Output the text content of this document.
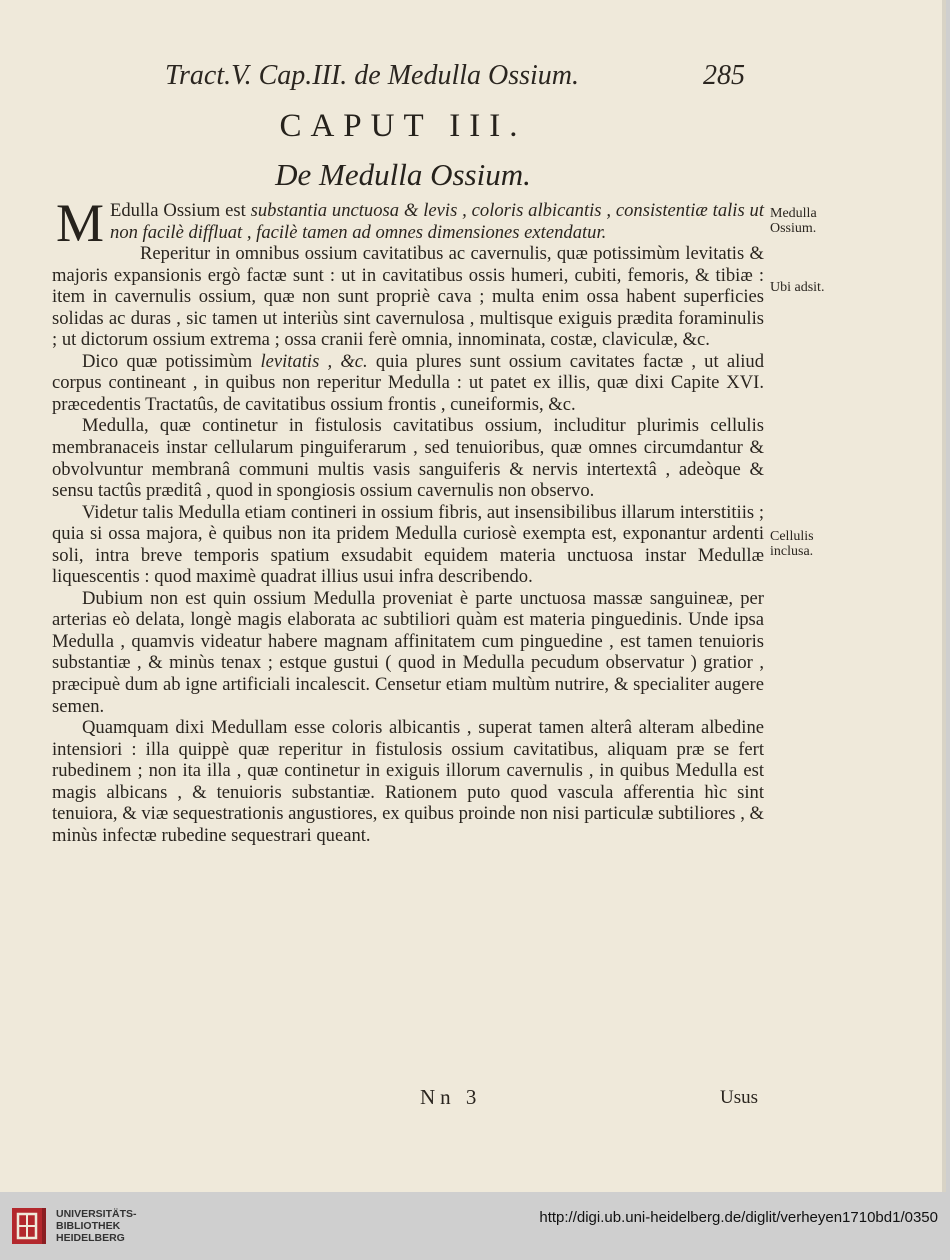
Tract.V. Cap.III. de Medulla Ossium.	285
CAPUT III.
De Medulla Ossium.

M Edulla Ossium est substantia unctuosa & levis , coloris albicantis , consistentiæ talis ut non facilè diffluat , facilè tamen ad omnes dimensiones extendatur.

Reperitur in omnibus ossium cavitatibus ac cavernulis, quæ potissimùm levitatis & majoris expansionis ergò factæ sunt : ut in cavitatibus ossis humeri, cubiti, femoris, & tibiæ : item in cavernulis ossium, quæ non sunt propriè cava ; multa enim ossa habent superficies solidas ac duras , sic tamen ut interiùs sint cavernulosa , multisque exiguis prædita foraminulis ; ut dictorum ossium extrema ; ossa cranii ferè omnia, innominata, costæ, claviculæ, &c.

Dico quæ potissimùm levitatis , &c. quia plures sunt ossium cavitates factæ , ut aliud corpus contineant , in quibus non reperitur Medulla : ut patet ex illis, quæ dixi Capite XVI. præcedentis Tractatûs, de cavitatibus ossium frontis , cuneiformis, &c.

Medulla, quæ continetur in fistulosis cavitatibus ossium, includitur plurimis cellulis membranaceis instar cellularum pinguiferarum , sed tenuioribus, quæ omnes circumdantur & obvolvuntur membranâ communi multis vasis sanguiferis & nervis intertextâ , adeòque & sensu tactûs præditâ , quod in spongiosis ossium cavernulis non observo.

Videtur talis Medulla etiam contineri in ossium fibris, aut insensibilibus illarum interstitiis ; quia si ossa majora, è quibus non ita pridem Medulla curiosè exempta est, exponantur ardenti soli, intra breve temporis spatium exsudabit equidem materia unctuosa instar Medullæ liquescentis : quod maximè quadrat illius usui infra describendo.

Dubium non est quin ossium Medulla proveniat è parte unctuosa massæ sanguineæ, per arterias eò delata, longè magis elaborata ac subtiliori quàm est materia pinguedinis. Unde ipsa Medulla , quamvis videatur habere magnam affinitatem cum pinguedine , est tamen tenuioris substantiæ , & minùs tenax ; estque gustui ( quod in Medulla pecudum observatur ) gratior , præcipuè dum ab igne artificiali incalescit. Censetur etiam multùm nutrire, & specialiter augere semen.

Quamquam dixi Medullam esse coloris albicantis , superat tamen alterâ alteram albedine intensiori : illa quippè quæ reperitur in fistulosis ossium cavitatibus, aliquam præ se fert rubedinem ; non ita illa , quæ continetur in exiguis illorum cavernulis , in quibus Medulla est magis albicans , & tenuioris substantiæ. Rationem puto quod vascula afferentia hìc sint tenuiora, & viæ sequestrationis angustiores, ex quibus proinde non nisi particulæ subtiliores , & minùs infectæ rubedine sequestrari queant.

Medulla Ossium.
Ubi adsit.
Cellulis inclusa.
Nn 3	Usus
UNIVERSITÄTS-
BIBLIOTHEK
HEIDELBERG
http://digi.ub.uni-heidelberg.de/diglit/verheyen1710bd1/0350
